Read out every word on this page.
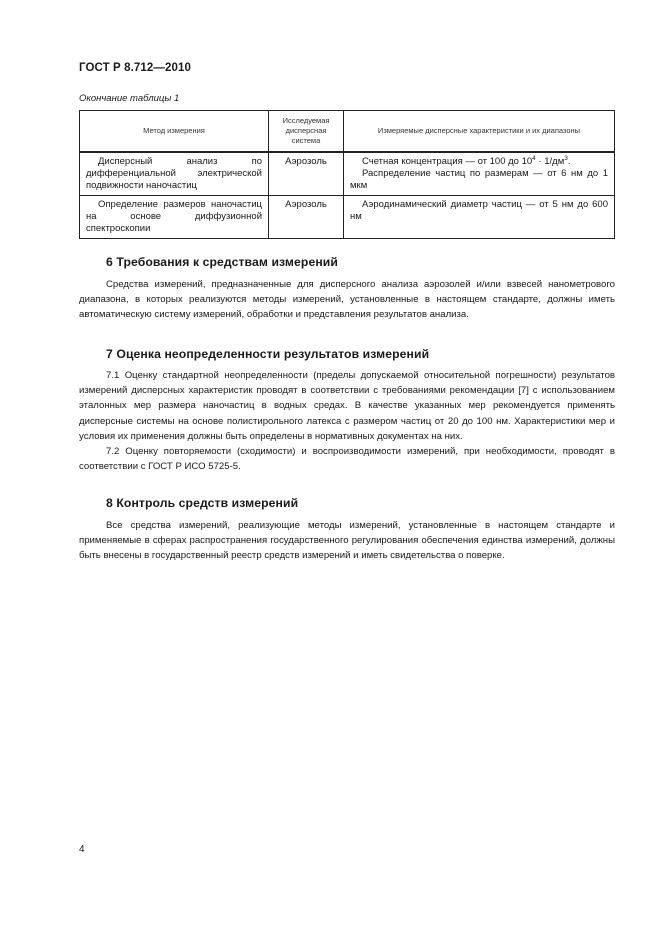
ГОСТ Р 8.712—2010
Окончание таблицы 1
Метод измерения	Исследуемая дисперсная система	Измеряемые дисперсные характеристики и их диапазоны

Дисперсный анализ по дифференциальной электрической подвижности наночастиц	Аэрозоль	Счетная концентрация — от 100 до $10^4 \cdot 1/дм^3$.
Распределение частиц по размерам — от 6 нм до 1 мкм

Определение размеров наночастиц на основе диффузионной спектроскопии	Аэрозоль	Аэродинамический диаметр частиц — от 5 нм до 600 нм
6 Требования к средствам измерений

Средства измерений, предназначенные для дисперсного анализа аэрозолей и/или взвесей нанометрового диапазона, в которых реализуются методы измерений, установленные в настоящем стандарте, должны иметь автоматическую систему измерений, обработки и представления результатов анализа.

7 Оценка неопределенности результатов измерений

7.1 Оценку стандартной неопределенности (пределы допускаемой относительной погрешности) результатов измерений дисперсных характеристик проводят в соответствии с требованиями рекомендации [7] с использованием эталонных мер размера наночастиц в водных средах. В качестве указанных мер рекомендуется применять дисперсные системы на основе полистирольного латекса с размером частиц от 20 до 100 нм. Характеристики мер и условия их применения должны быть определены в нормативных документах на них.

7.2 Оценку повторяемости (сходимости) и воспроизводимости измерений, при необходимости, проводят в соответствии с ГОСТ Р ИСО 5725-5.

8 Контроль средств измерений

Все средства измерений, реализующие методы измерений, установленные в настоящем стандарте и применяемые в сферах распространения государственного регулирования обеспечения единства измерений, должны быть внесены в государственный реестр средств измерений и иметь свидетельства о поверке.

4
